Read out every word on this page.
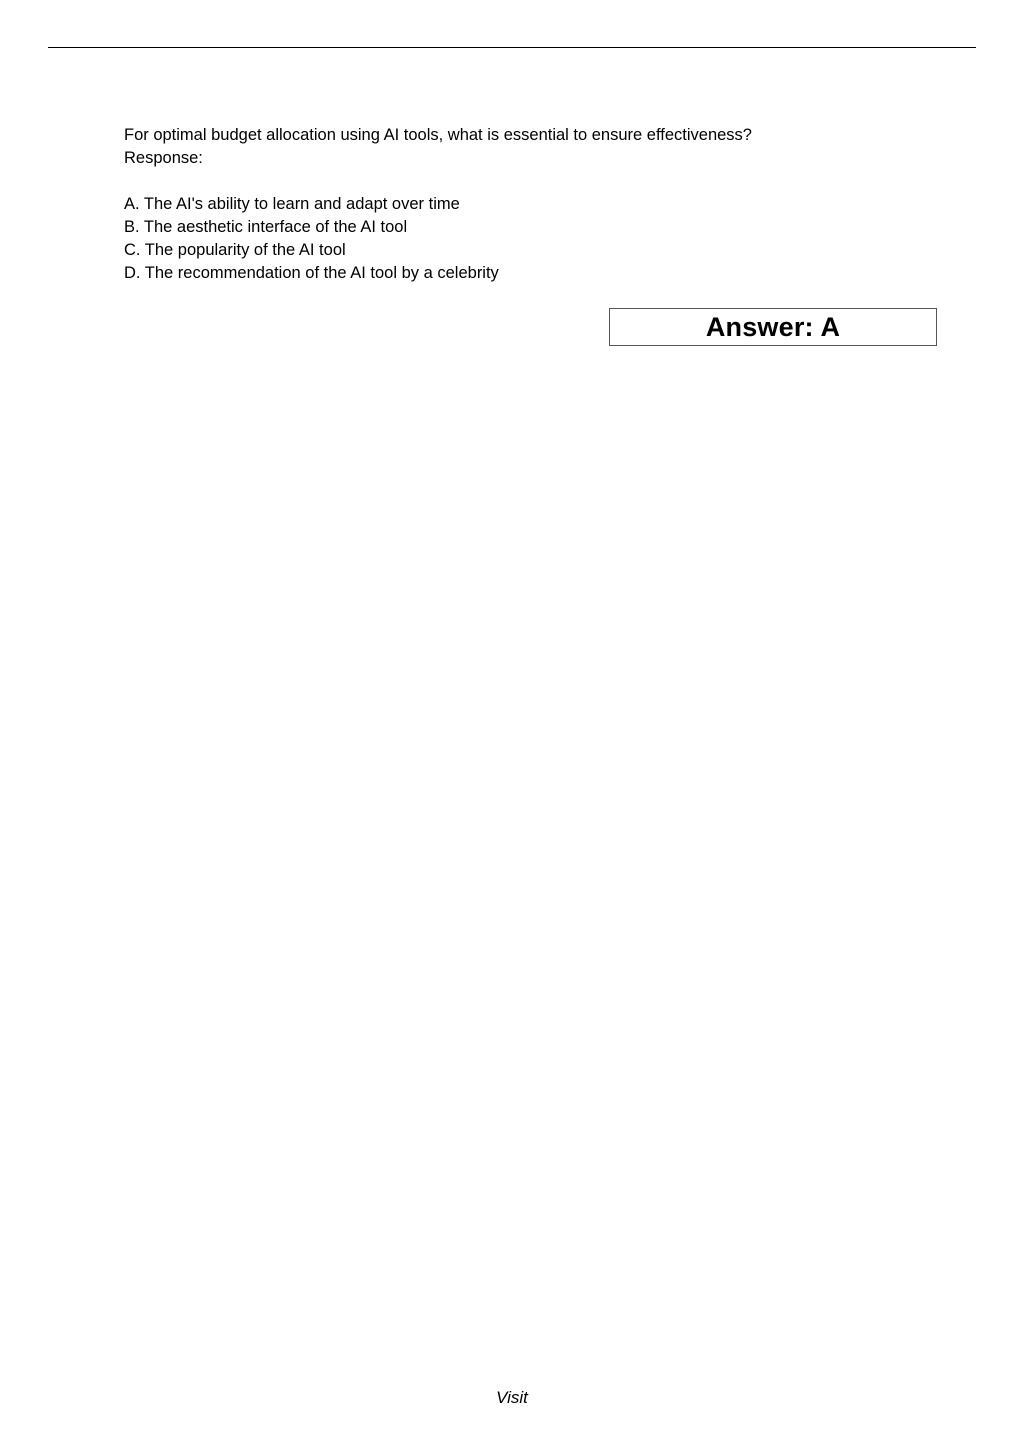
For optimal budget allocation using AI tools, what is essential to ensure effectiveness?

Response:

A. The AI's ability to learn and adapt over time
B. The aesthetic interface of the AI tool
C. The popularity of the AI tool
D. The recommendation of the AI tool by a celebrity
Answer: A
Visit
